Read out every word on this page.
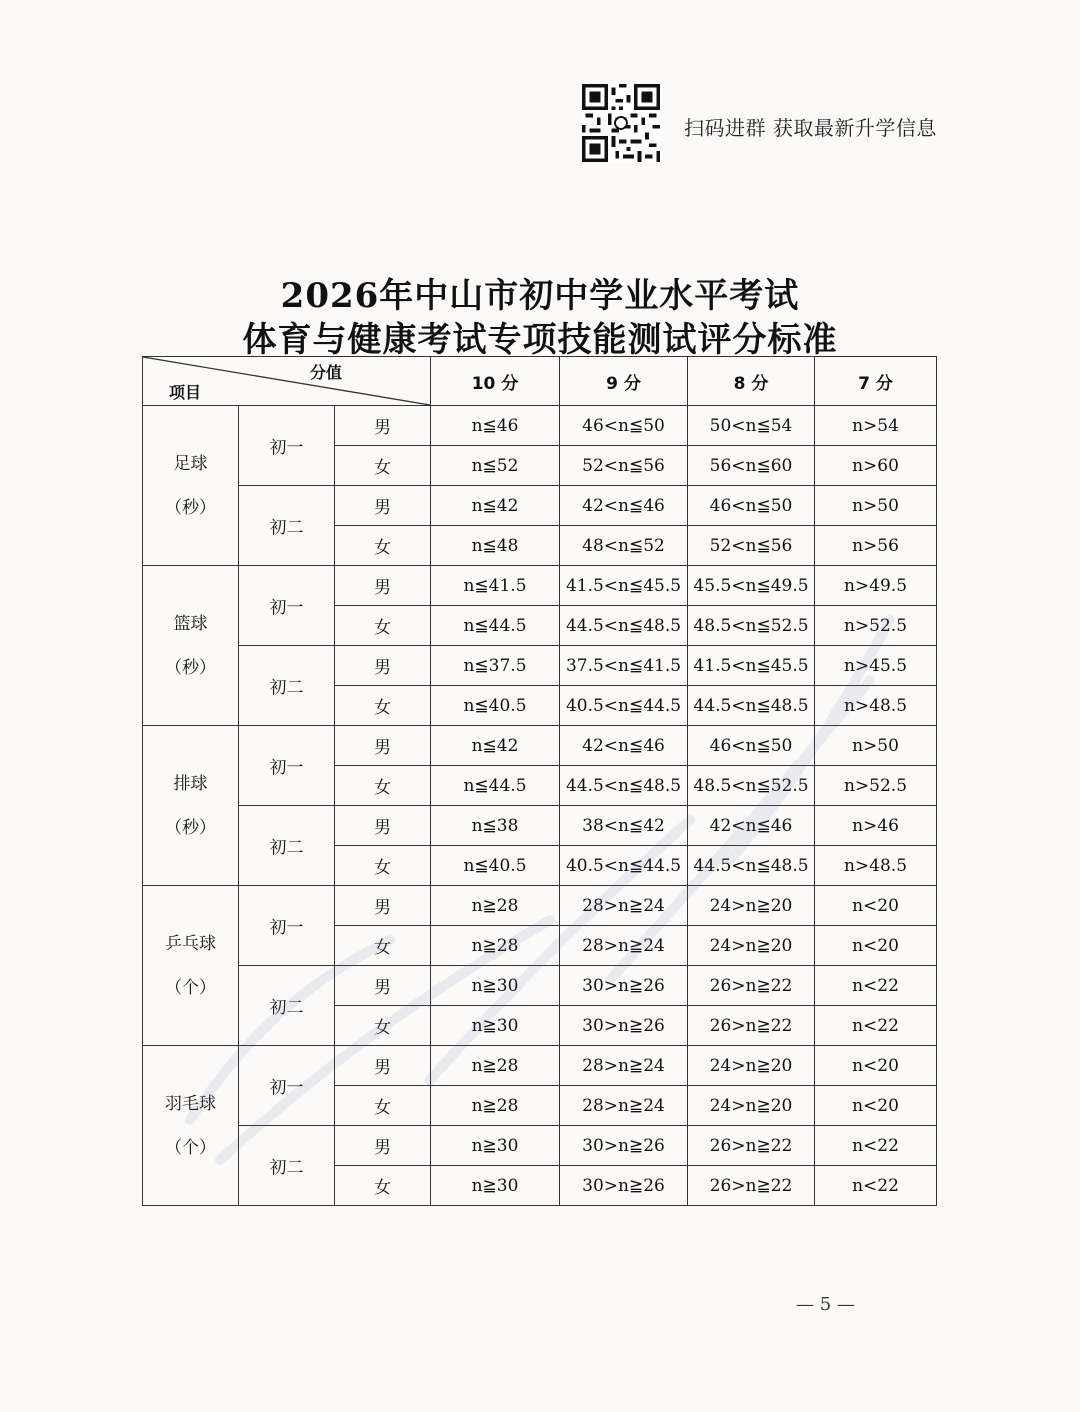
扫码进群 获取最新升学信息
2026年中山市初中学业水平考试
体育与健康考试专项技能测试评分标准
分值
项目			10 分	9 分	8 分	7 分

足球
（秒）	初一	男	n≦46	46<n≦50	50<n≦54	n>54
		女	n≦52	52<n≦56	56<n≦60	n>60
	初二	男	n≦42	42<n≦46	46<n≦50	n>50
		女	n≦48	48<n≦52	52<n≦56	n>56

篮球
（秒）	初一	男	n≦41.5	41.5<n≦45.5	45.5<n≦49.5	n>49.5
		女	n≦44.5	44.5<n≦48.5	48.5<n≦52.5	n>52.5
	初二	男	n≦37.5	37.5<n≦41.5	41.5<n≦45.5	n>45.5
		女	n≦40.5	40.5<n≦44.5	44.5<n≦48.5	n>48.5

排球
（秒）	初一	男	n≦42	42<n≦46	46<n≦50	n>50
		女	n≦44.5	44.5<n≦48.5	48.5<n≦52.5	n>52.5
	初二	男	n≦38	38<n≦42	42<n≦46	n>46
		女	n≦40.5	40.5<n≦44.5	44.5<n≦48.5	n>48.5

乒乓球
（个）	初一	男	n≧28	28>n≧24	24>n≧20	n<20
		女	n≧28	28>n≧24	24>n≧20	n<20
	初二	男	n≧30	30>n≧26	26>n≧22	n<22
		女	n≧30	30>n≧26	26>n≧22	n<22

羽毛球
（个）	初一	男	n≧28	28>n≧24	24>n≧20	n<20
		女	n≧28	28>n≧24	24>n≧20	n<20
	初二	男	n≧30	30>n≧26	26>n≧22	n<22
		女	n≧30	30>n≧26	26>n≧22	n<22
— 5 —
